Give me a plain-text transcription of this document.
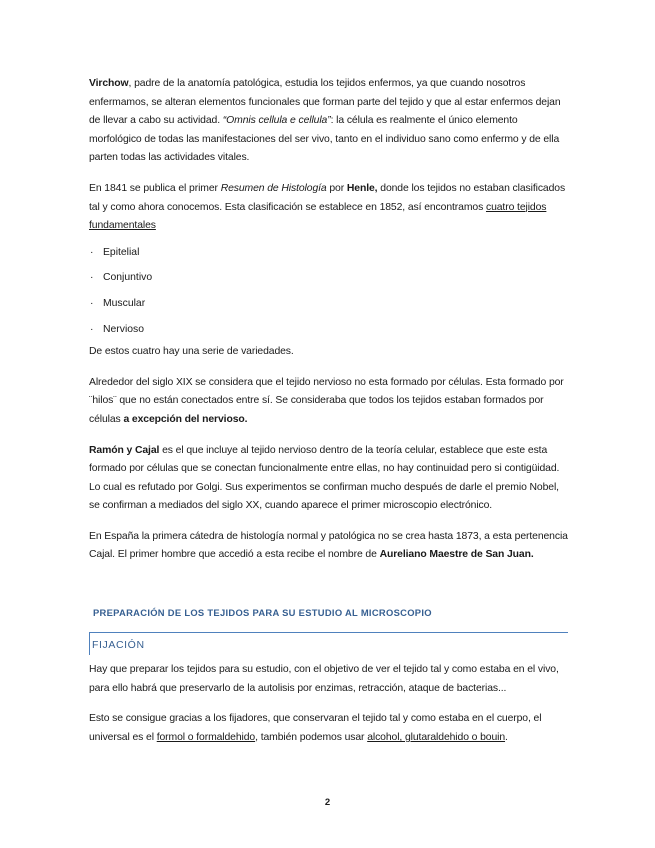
Virchow, padre de la anatomía patológica, estudia los tejidos enfermos, ya que cuando nosotros enfermamos, se alteran elementos funcionales que forman parte del tejido y que al estar enfermos dejan de llevar a cabo su actividad. “Omnis cellula e cellula”: la célula es realmente el único elemento morfológico de todas las manifestaciones del ser vivo, tanto en el individuo sano como enfermo y de ella parten todas las actividades vitales.

En 1841 se publica el primer Resumen de Histología por Henle, donde los tejidos no estaban clasificados tal y como ahora conocemos. Esta clasificación se establece en 1852, así encontramos cuatro tejidos fundamentales

· Epitelial
· Conjuntivo
· Muscular
· Nervioso

De estos cuatro hay una serie de variedades.

Alrededor del siglo XIX se considera que el tejido nervioso no esta formado por células. Esta formado por ¨hilos¨ que no están conectados entre sí. Se consideraba que todos los tejidos estaban formados por células a excepción del nervioso.

Ramón y Cajal es el que incluye al tejido nervioso dentro de la teoría celular, establece que este esta formado por células que se conectan funcionalmente entre ellas, no hay continuidad pero si contigüidad. Lo cual es refutado por Golgi. Sus experimentos se confirman mucho después de darle el premio Nobel, se confirman a mediados del siglo XX, cuando aparece el primer microscopio electrónico.

En España la primera cátedra de histología normal y patológica no se crea hasta 1873, a esta pertenencia Cajal. El primer hombre que accedió a esta recibe el nombre de Aureliano Maestre de San Juan.

PREPARACIÓN DE LOS TEJIDOS PARA SU ESTUDIO AL MICROSCOPIO
FIJACIÓN

Hay que preparar los tejidos para su estudio, con el objetivo de ver el tejido tal y como estaba en el vivo, para ello habrá que preservarlo de la autolisis por enzimas, retracción, ataque de bacterias...

Esto se consigue gracias a los fijadores, que conservaran el tejido tal y como estaba en el cuerpo, el universal es el formol o formaldehido, también podemos usar alcohol, glutaraldehido o bouin.

2
